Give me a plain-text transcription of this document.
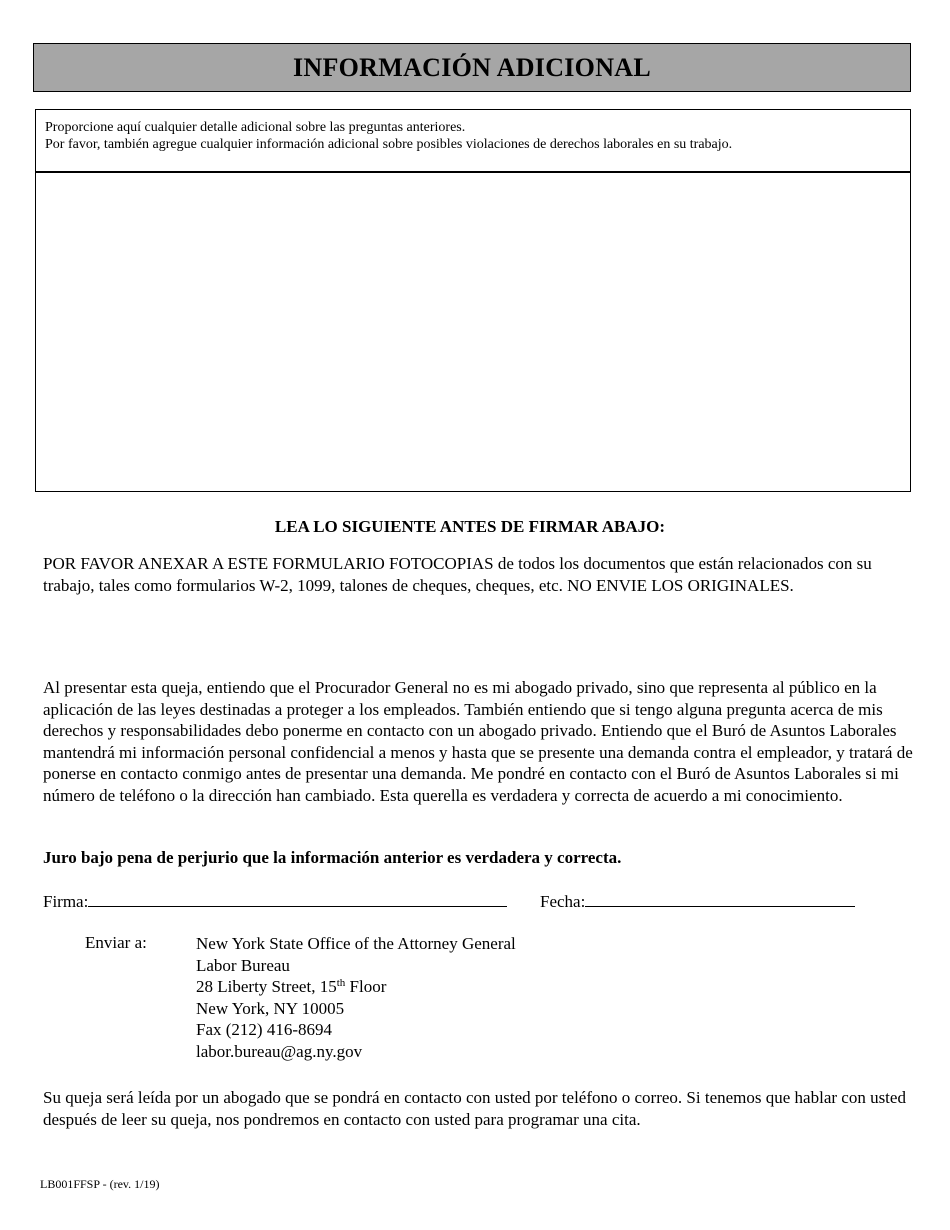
INFORMACIÓN ADICIONAL

Proporcione aquí cualquier detalle adicional sobre las preguntas anteriores.

Por favor, también agregue cualquier información adicional sobre posibles violaciones de derechos laborales en su trabajo.

LEA LO SIGUIENTE ANTES DE FIRMAR ABAJO:

POR FAVOR ANEXAR A ESTE FORMULARIO FOTOCOPIAS de todos los documentos que están relacionados con su trabajo, tales como formularios W-2, 1099, talones de cheques, cheques, etc. NO ENVIE LOS ORIGINALES.

Al presentar esta queja, entiendo que el Procurador General no es mi abogado privado, sino que representa al público en la aplicación de las leyes destinadas a proteger a los empleados. También entiendo que si tengo alguna pregunta acerca de mis derechos y responsabilidades debo ponerme en contacto con un abogado privado. Entiendo que el Buró de Asuntos Laborales mantendrá mi información personal confidencial a menos y hasta que se presente una demanda contra el empleador, y tratará de ponerse en contacto conmigo antes de presentar una demanda. Me pondré en contacto con el Buró de Asuntos Laborales si mi número de teléfono o la dirección han cambiado. Esta querella es verdadera y correcta de acuerdo a mi conocimiento.

Juro bajo pena de perjurio que la información anterior es verdadera y correcta.

Firma:	Fecha:

Enviar a:	New York State Office of the Attorney General
Labor Bureau
28 Liberty Street, 15th Floor
New York, NY 10005
Fax (212) 416-8694
labor.bureau@ag.ny.gov

Su queja será leída por un abogado que se pondrá en contacto con usted por teléfono o correo. Si tenemos que hablar con usted después de leer su queja, nos pondremos en contacto con usted para programar una cita.

LB001FFSP - (rev. 1/19)
